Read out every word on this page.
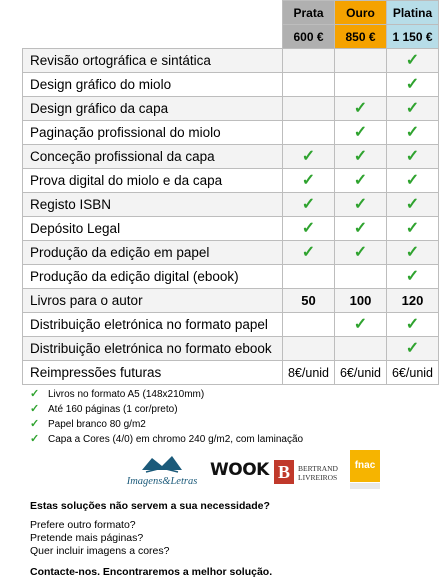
	Prata	Ouro	Platina
	600 €	850 €	1 150 €
Revisão ortográfica e sintática			✓
Design gráfico do miolo			✓
Design gráfico da capa		✓	✓
Paginação profissional do miolo		✓	✓
Conceção profissional da capa	✓	✓	✓
Prova digital do miolo e da capa	✓	✓	✓
Registo ISBN	✓	✓	✓
Depósito Legal	✓	✓	✓
Produção da edição em papel	✓	✓	✓
Produção da edição digital (ebook)			✓
Livros para o autor	50	100	120
Distribuição eletrónica no formato papel		✓	✓
Distribuição eletrónica no formato ebook			✓
Reimpressões futuras	8€/unid	6€/unid	6€/unid
✓ Livros no formato A5 (148x210mm)
✓ Até 160 páginas (1 cor/preto)
✓ Papel branco 80 g/m2
✓ Capa a Cores (4/0) em chromo 240 g/m2, com laminação
Imagens&Letras
WOOK B	BERTRAND
LIVREIROS
fnac
Estas soluções não servem a sua necessidade?
Prefere outro formato?
Pretende mais páginas?
Quer incluir imagens a cores?
Contacte-nos. Encontraremos a melhor solução.
